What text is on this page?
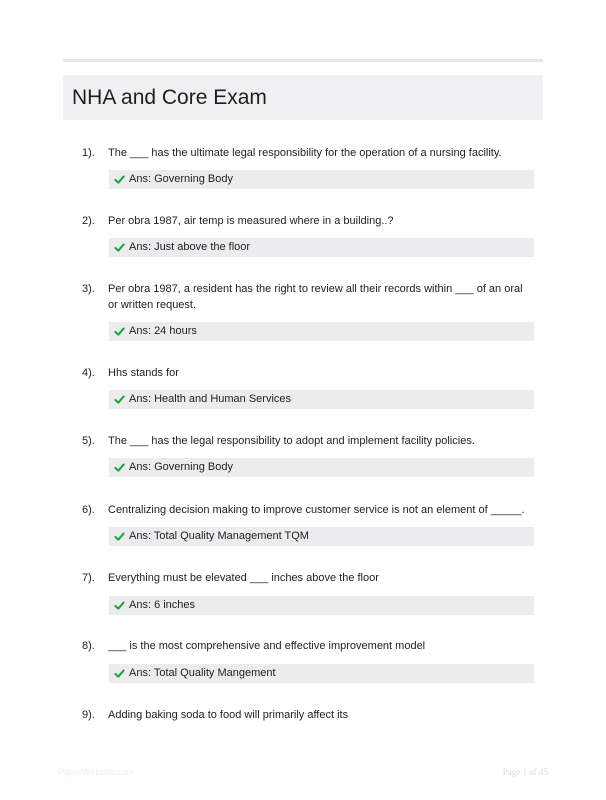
NHA and Core Exam
1). The ___ has the ultimate legal responsibility for the operation of a nursing facility.
Ans: Governing Body
2). Per obra 1987, air temp is measured where in a building..?
Ans: Just above the floor
3). Per obra 1987, a resident has the right to review all their records within ___ of an oral or written request.
Ans: 24 hours
4). Hhs stands for
Ans: Health and Human Services
5). The ___ has the legal responsibility to adopt and implement facility policies.
Ans: Governing Body
6). Centralizing decision making to improve customer service is not an element of _____.
Ans: Total Quality Management TQM
7). Everything must be elevated ___ inches above the floor
Ans: 6 inches
8). ___ is the most comprehensive and effective improvement model
Ans: Total Quality Mangement
9). Adding baking soda to food will primarily affect its
PaperWebsite.com	Page 1 of 45
